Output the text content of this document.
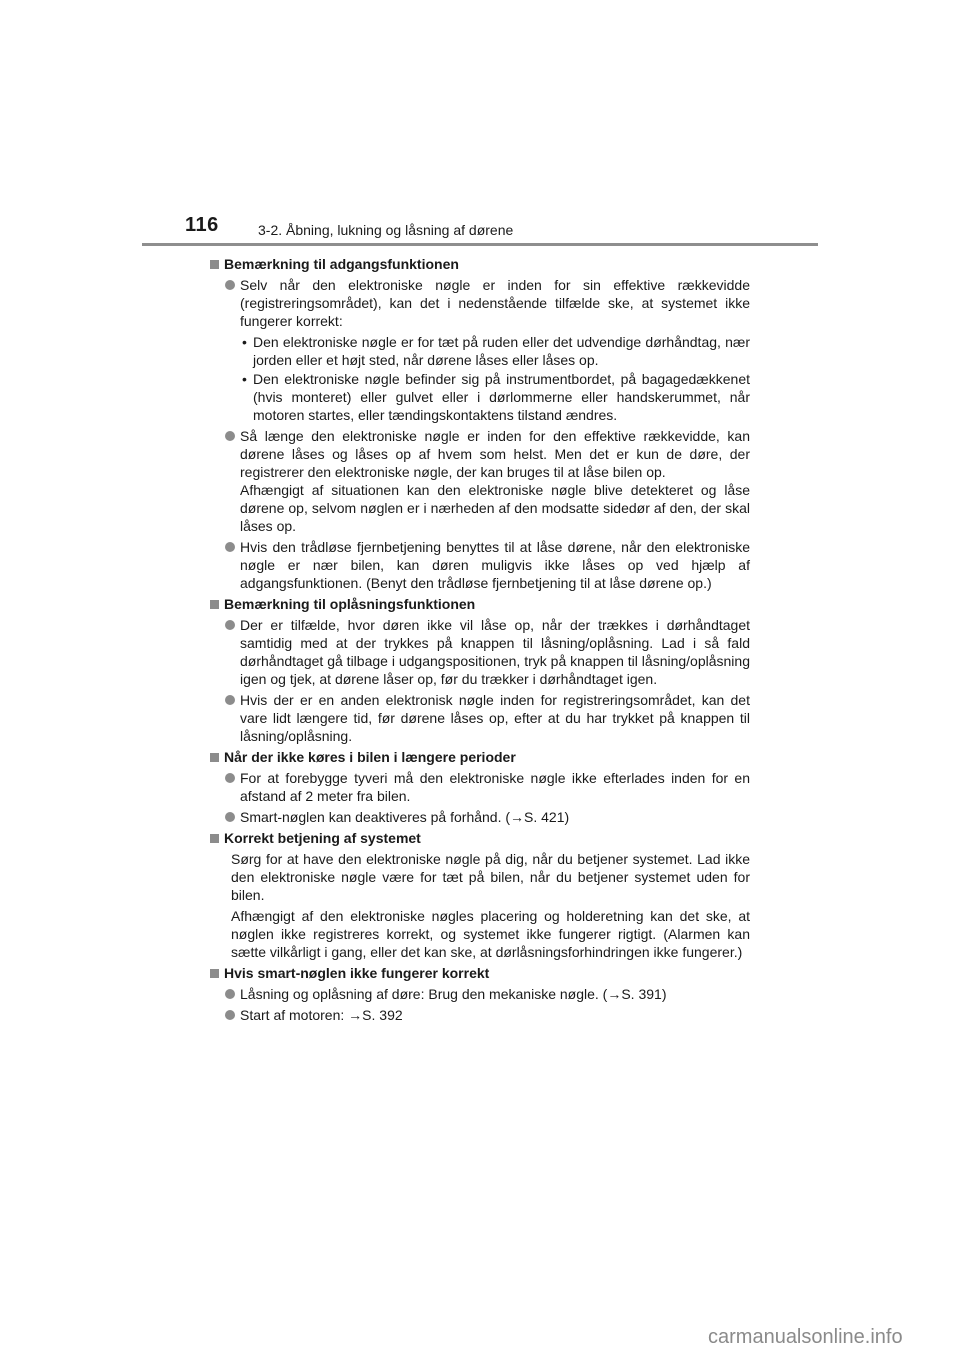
116	3-2. Åbning, lukning og låsning af dørene
Bemærkning til adgangsfunktionen
Selv når den elektroniske nøgle er inden for sin effektive rækkevidde (registreringsområdet), kan det i nedenstående tilfælde ske, at systemet ikke fungerer korrekt:
• Den elektroniske nøgle er for tæt på ruden eller det udvendige dørhåndtag, nær jorden eller et højt sted, når dørene låses eller låses op.
• Den elektroniske nøgle befinder sig på instrumentbordet, på bagagedækkenet (hvis monteret) eller gulvet eller i dørlommerne eller handskerummet, når motoren startes, eller tændingskontaktens tilstand ændres.
Så længe den elektroniske nøgle er inden for den effektive rækkevidde, kan dørene låses og låses op af hvem som helst. Men det er kun de døre, der registrerer den elektroniske nøgle, der kan bruges til at låse bilen op.
Afhængigt af situationen kan den elektroniske nøgle blive detekteret og låse dørene op, selvom nøglen er i nærheden af den modsatte sidedør af den, der skal låses op.
Hvis den trådløse fjernbetjening benyttes til at låse dørene, når den elektroniske nøgle er nær bilen, kan døren muligvis ikke låses op ved hjælp af adgangsfunktionen. (Benyt den trådløse fjernbetjening til at låse dørene op.)
Bemærkning til oplåsningsfunktionen
Der er tilfælde, hvor døren ikke vil låse op, når der trækkes i dørhåndtaget samtidig med at der trykkes på knappen til låsning/oplåsning. Lad i så fald dørhåndtaget gå tilbage i udgangspositionen, tryk på knappen til låsning/oplåsning igen og tjek, at dørene låser op, før du trækker i dørhåndtaget igen.
Hvis der er en anden elektronisk nøgle inden for registreringsområdet, kan det vare lidt længere tid, før dørene låses op, efter at du har trykket på knappen til låsning/oplåsning.
Når der ikke køres i bilen i længere perioder
For at forebygge tyveri må den elektroniske nøgle ikke efterlades inden for en afstand af 2 meter fra bilen.
Smart-nøglen kan deaktiveres på forhånd. (→S. 421)
Korrekt betjening af systemet
Sørg for at have den elektroniske nøgle på dig, når du betjener systemet. Lad ikke den elektroniske nøgle være for tæt på bilen, når du betjener systemet uden for bilen.
Afhængigt af den elektroniske nøgles placering og holderetning kan det ske, at nøglen ikke registreres korrekt, og systemet ikke fungerer rigtigt. (Alarmen kan sætte vilkårligt i gang, eller det kan ske, at dørlåsningsforhindringen ikke fungerer.)
Hvis smart-nøglen ikke fungerer korrekt
Låsning og oplåsning af døre: Brug den mekaniske nøgle. (→S. 391)
Start af motoren: →S. 392
carmanualsonline.info
